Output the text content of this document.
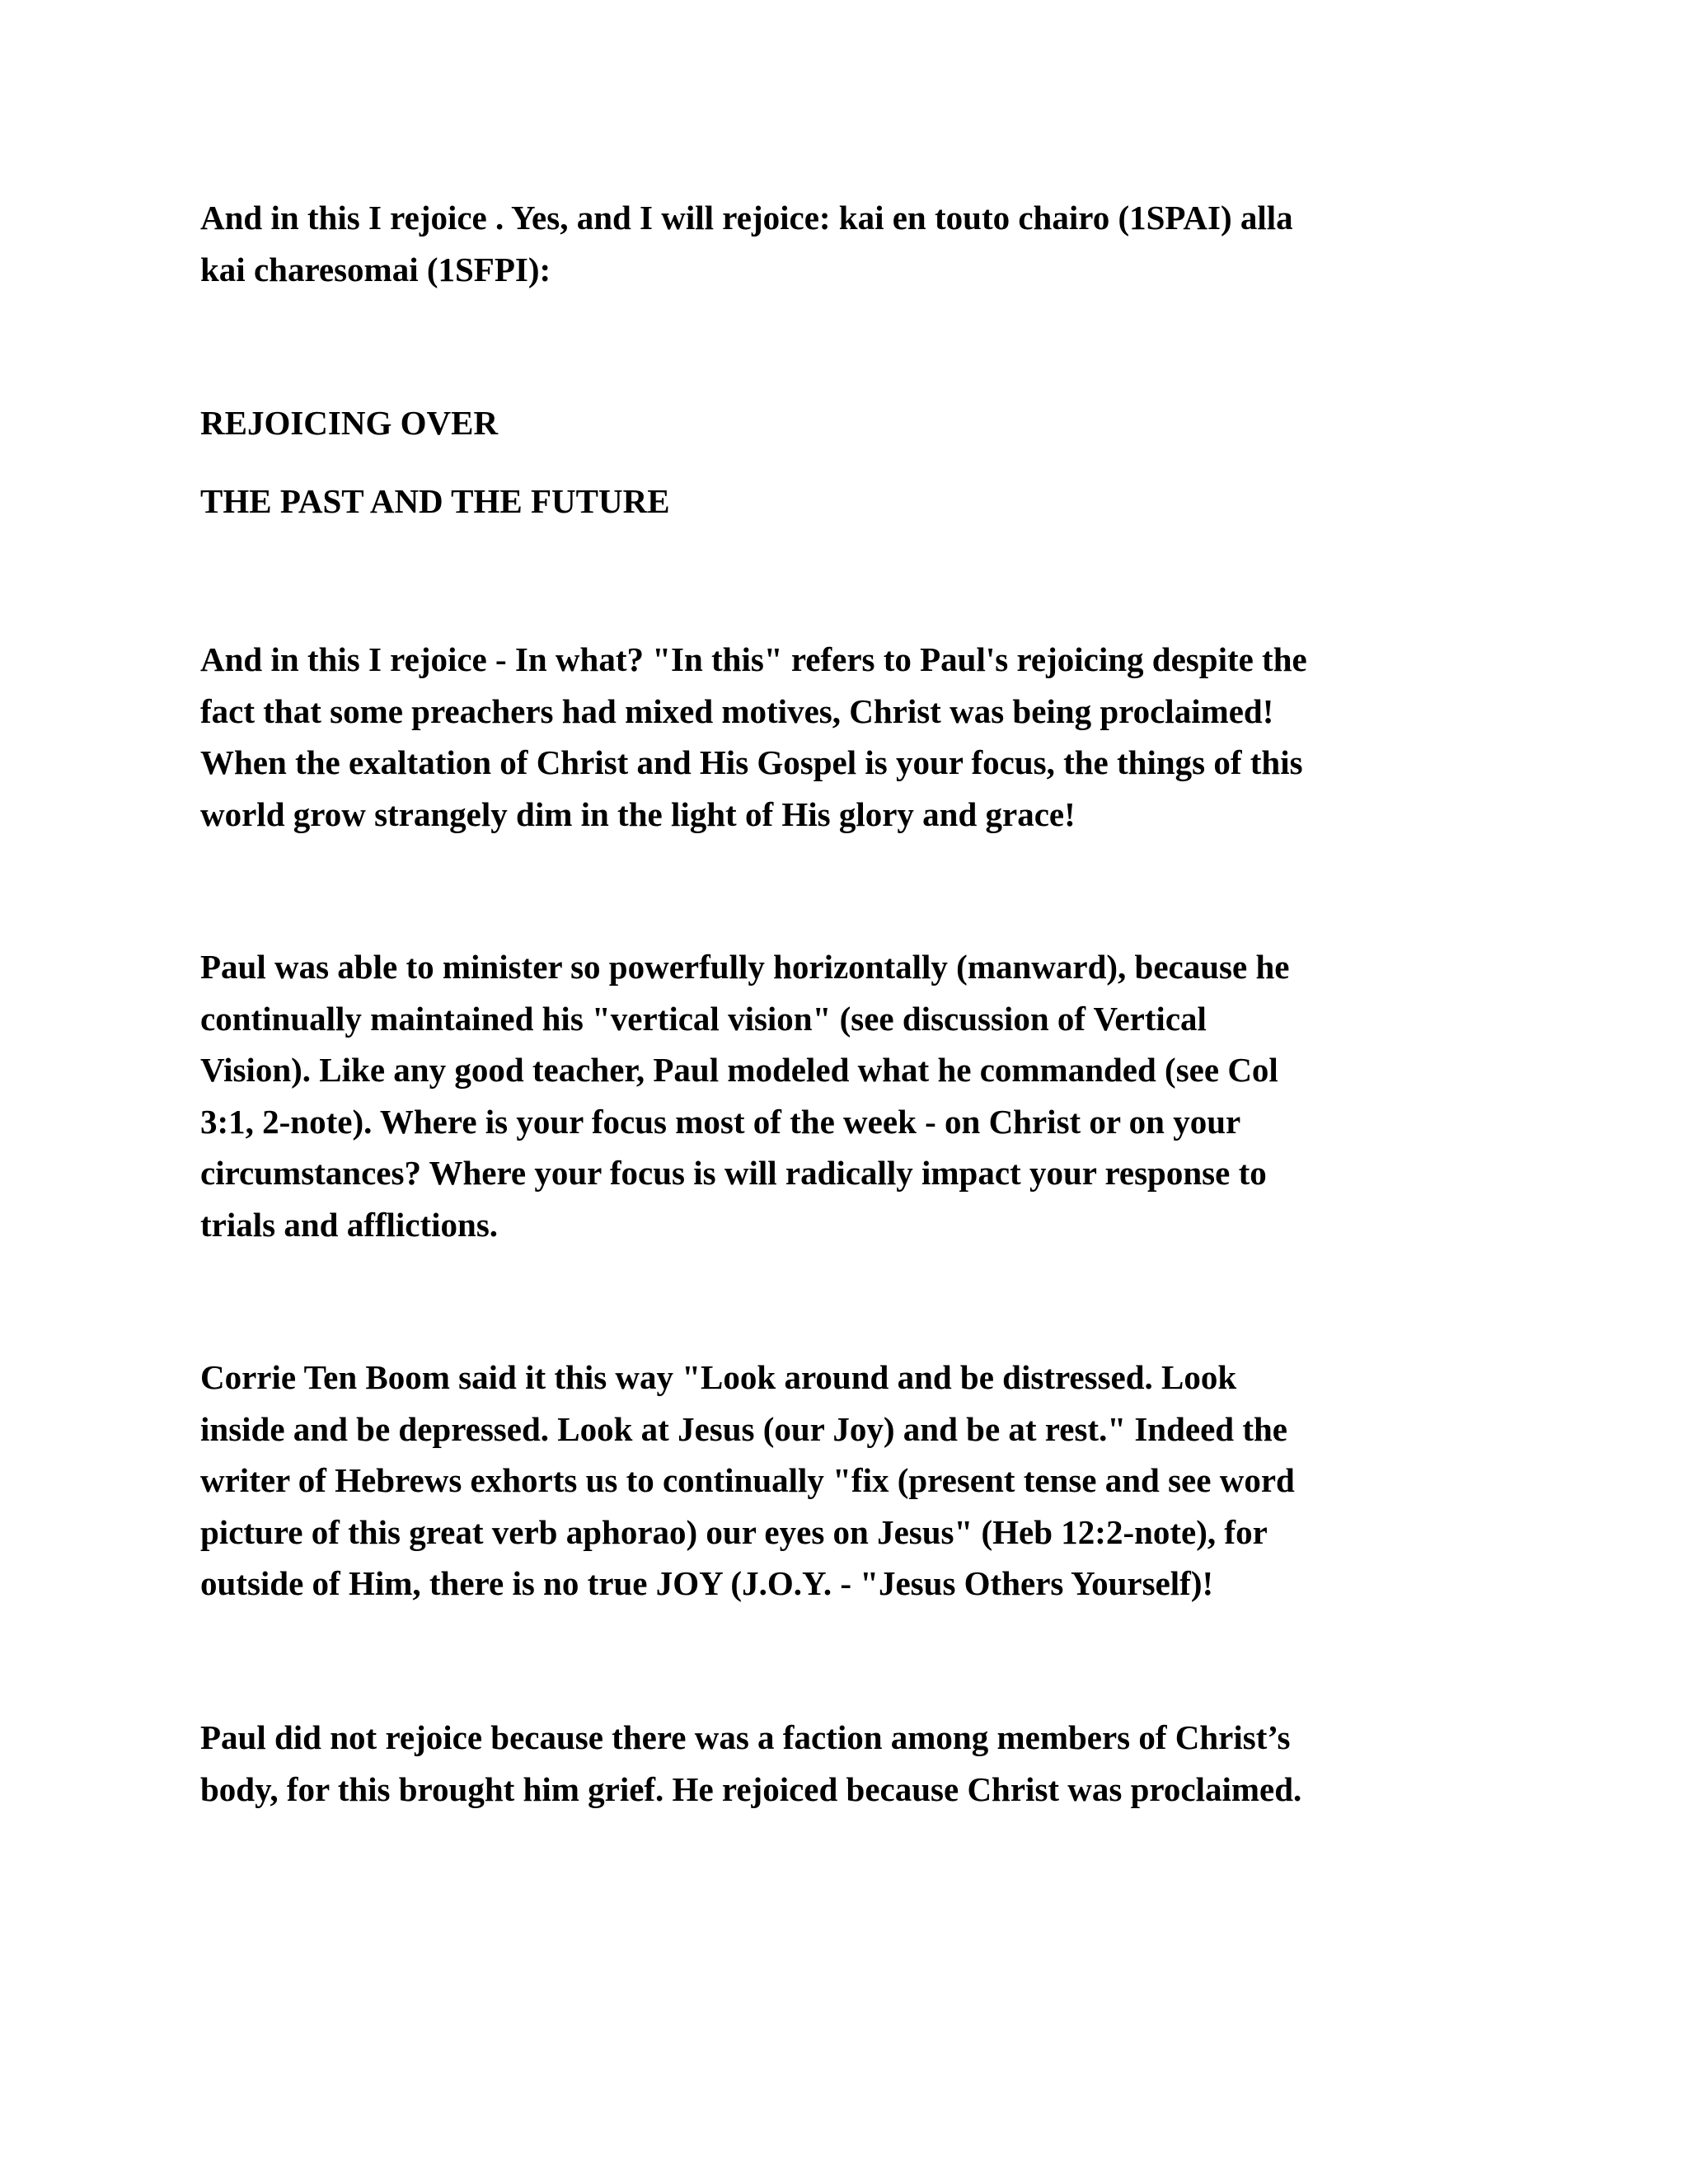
And in this I rejoice . Yes, and I will rejoice: kai en touto chairo (1SPAI) alla
kai charesomai (1SFPI):

REJOICING OVER

THE PAST AND THE FUTURE

And in this I rejoice - In what? "In this" refers to Paul's rejoicing despite the
fact that some preachers had mixed motives, Christ was being proclaimed!
When the exaltation of Christ and His Gospel is your focus, the things of this
world grow strangely dim in the light of His glory and grace!

Paul was able to minister so powerfully horizontally (manward), because he
continually maintained his "vertical vision" (see discussion of Vertical
Vision). Like any good teacher, Paul modeled what he commanded (see Col
3:1, 2-note). Where is your focus most of the week - on Christ or on your
circumstances? Where your focus is will radically impact your response to
trials and afflictions.

Corrie Ten Boom said it this way "Look around and be distressed. Look
inside and be depressed. Look at Jesus (our Joy) and be at rest." Indeed the
writer of Hebrews exhorts us to continually "fix (present tense and see word
picture of this great verb aphorao) our eyes on Jesus" (Heb 12:2-note), for
outside of Him, there is no true JOY (J.O.Y. - "Jesus Others Yourself)!

Paul did not rejoice because there was a faction among members of Christ’s
body, for this brought him grief. He rejoiced because Christ was proclaimed.
